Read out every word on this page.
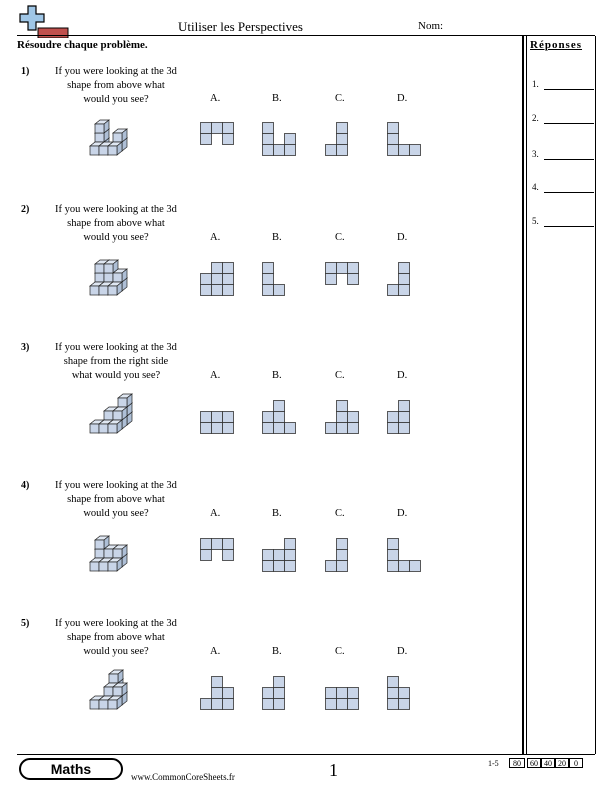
Utiliser les Perspectives	Nom:
Résoudre chaque problème.	Réponses
1.
2.
3.
4.
5.
1)	If you were looking at the 3d
shape from above what
would you see?
2)	If you were looking at the 3d
shape from above what
would you see?
3)	If you were looking at the 3d
shape from the right side
what would you see?
4)	If you were looking at the 3d
shape from above what
would you see?
5)	If you were looking at the 3d
shape from above what
would you see?
A.	B.	C.	D.
A.	B.	C.	D.
A.	B.	C.	D.
A.	B.	C.	D.
A.	B.	C.	D.
Maths	www.CommonCoreSheets.fr	1	1-5	80	60 40 20	0
